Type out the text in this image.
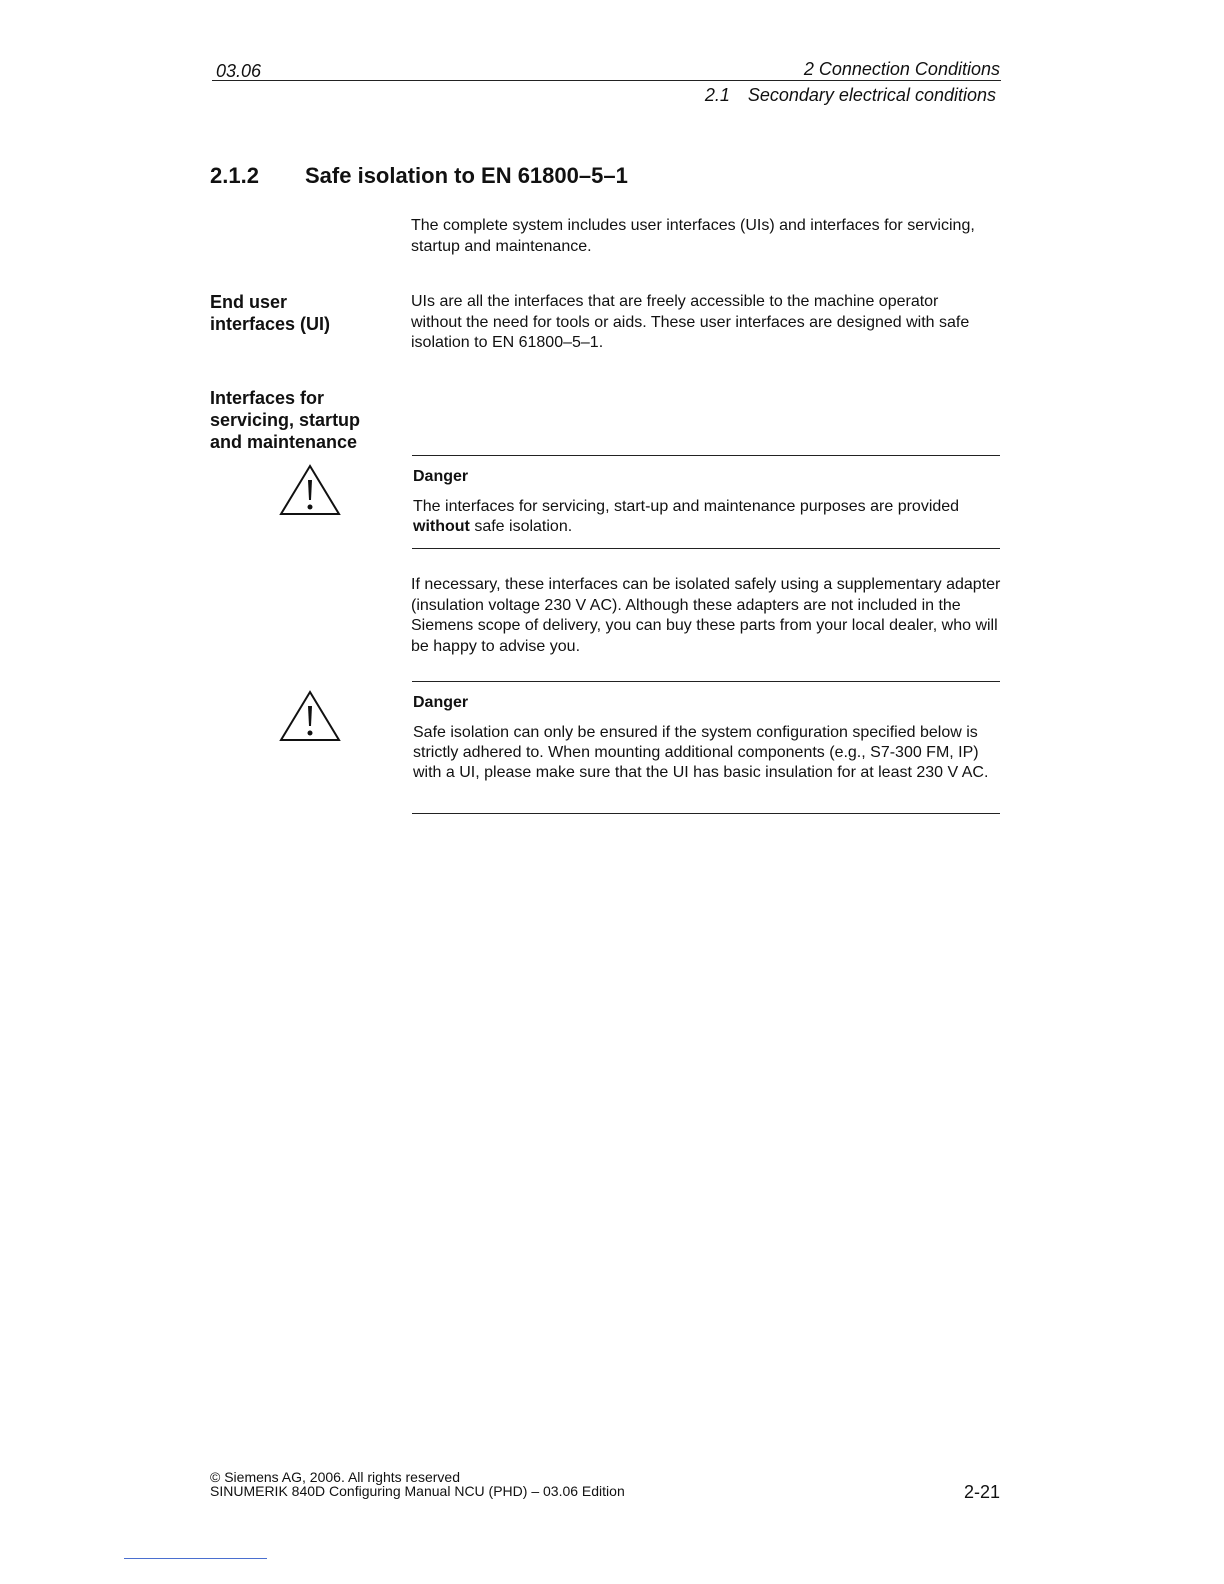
03.06	2 Connection Conditions
2.1 Secondary electrical conditions
2.1.2 Safe isolation to EN 61800–5–1
The complete system includes user interfaces (UIs) and interfaces for servicing, startup and maintenance.
End user
interfaces (UI)
UIs are all the interfaces that are freely accessible to the machine operator without the need for tools or aids. These user interfaces are designed with safe isolation to EN 61800–5–1.
Interfaces for
servicing, startup
and maintenance
Danger
The interfaces for servicing, start-up and maintenance purposes are provided without safe isolation.
If necessary, these interfaces can be isolated safely using a supplementary adapter (insulation voltage 230 V AC). Although these adapters are not included in the Siemens scope of delivery, you can buy these parts from your local dealer, who will be happy to advise you.
Danger
Safe isolation can only be ensured if the system configuration specified below is strictly adhered to. When mounting additional components (e.g., S7-300 FM, IP) with a UI, please make sure that the UI has basic insulation for at least 230 V AC.
© Siemens AG, 2006. All rights reserved
SINUMERIK 840D Configuring Manual NCU (PHD) – 03.06 Edition	2-21
